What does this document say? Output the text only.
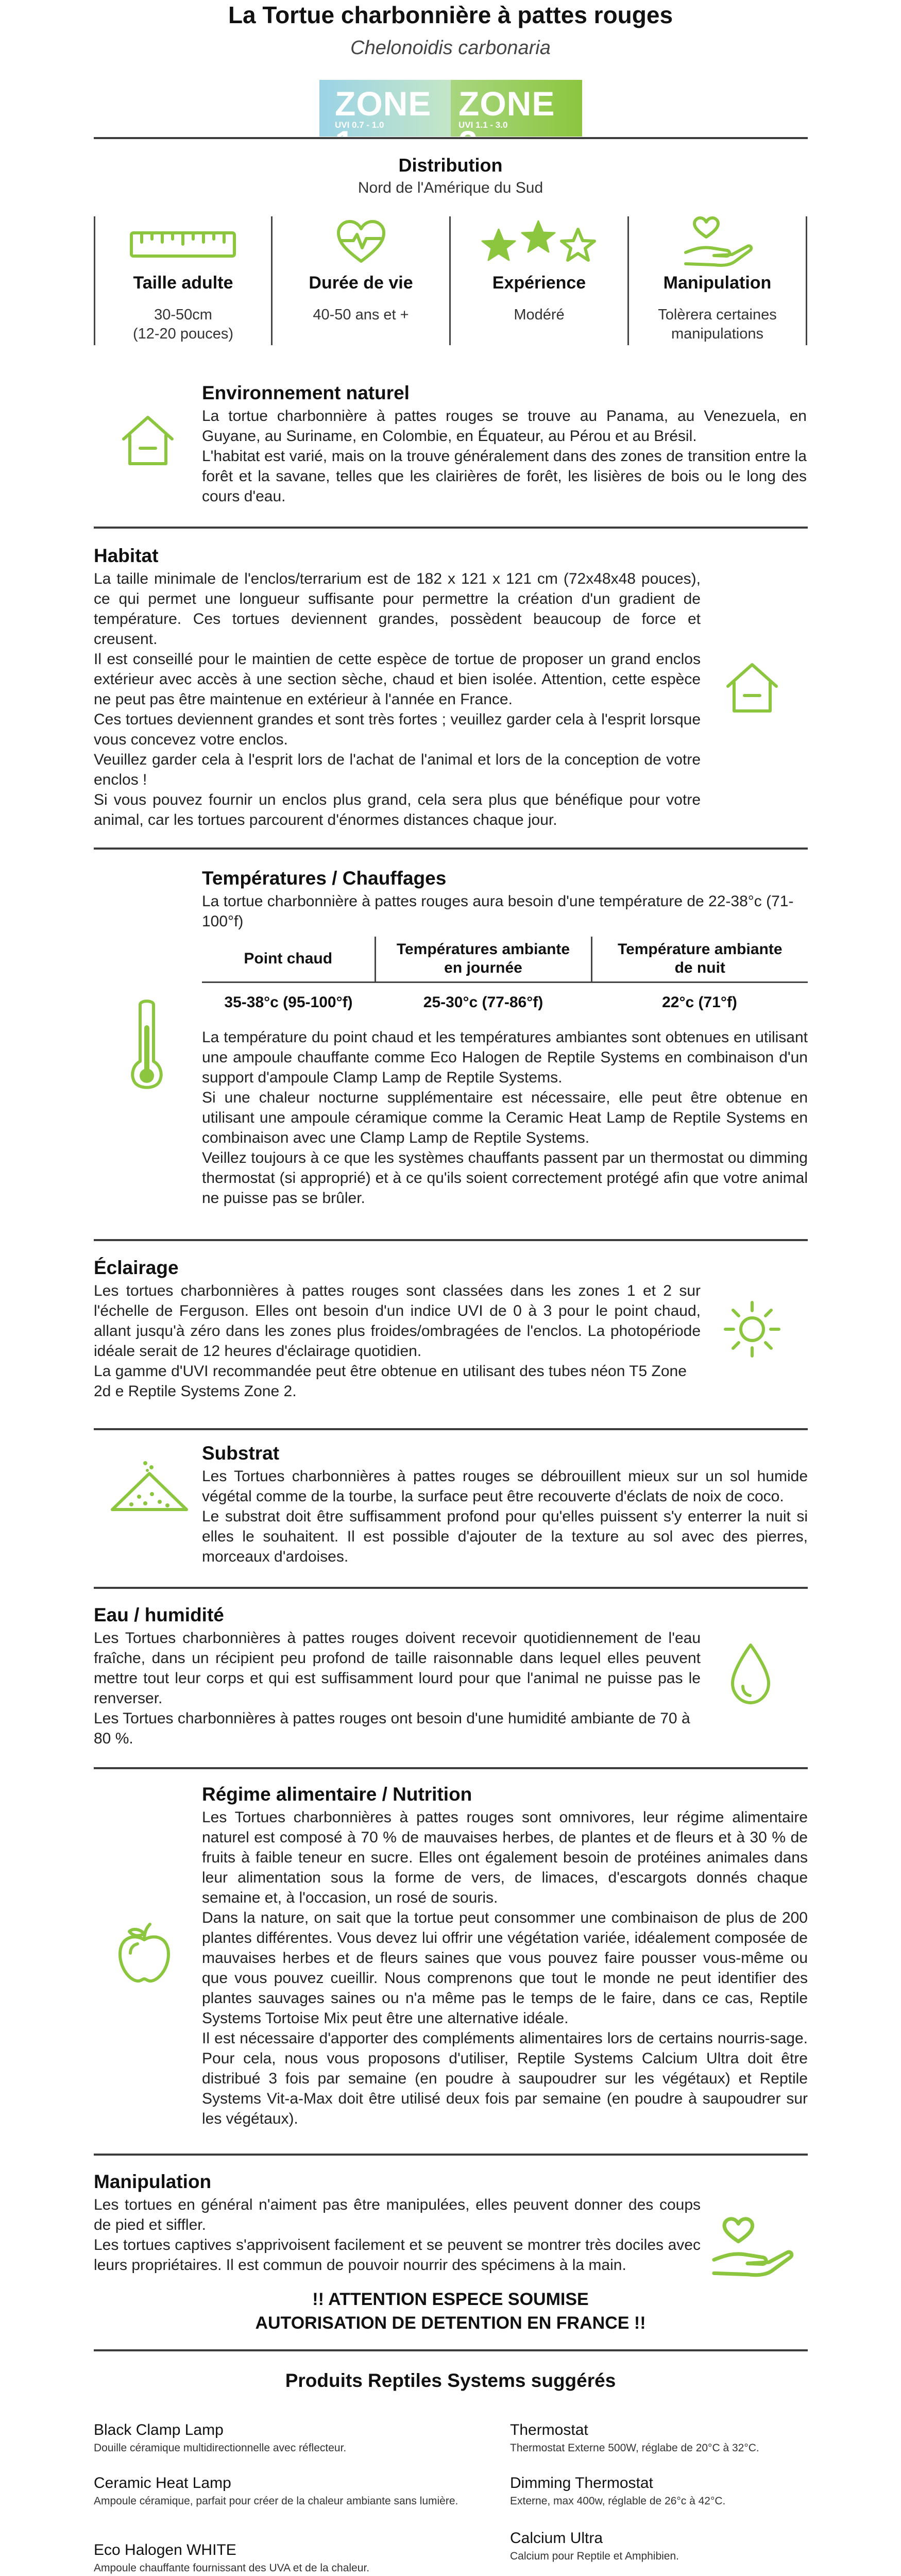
La Tortue charbonnière à pattes rouges
Chelonoidis carbonaria
ZONE 1
UVI 0.7 - 1.0
ZONE 2
UVI 1.1 - 3.0
Distribution
Nord de l'Amérique du Sud
Taille adulte
30-50cm
(12-20 pouces)
Durée de vie
40-50 ans et +
Expérience
Modéré
Manipulation
Tolèrera certaines
manipulations
Environnement naturel
La tortue charbonnière à pattes rouges se trouve au Panama, au Venezuela, en Guyane, au Suriname, en Colombie, en Équateur, au Pérou et au Brésil.
L'habitat est varié, mais on la trouve généralement dans des zones de transition entre la forêt et la savane, telles que les clairières de forêt, les lisières de bois ou le long des cours d'eau.
Habitat
La taille minimale de l'enclos/terrarium est de 182 x 121 x 121 cm (72x48x48 pouces), ce qui permet une longueur suffisante pour permettre la création d'un gradient de température. Ces tortues deviennent grandes, possèdent beaucoup de force et creusent.
Il est conseillé pour le maintien de cette espèce de tortue de proposer un grand enclos extérieur avec accès à une section sèche, chaud et bien isolée. Attention, cette espèce ne peut pas être maintenue en extérieur à l'année en France.
Ces tortues deviennent grandes et sont très fortes ; veuillez garder cela à l'esprit lorsque vous concevez votre enclos.
Veuillez garder cela à l'esprit lors de l'achat de l'animal et lors de la conception de votre enclos !
Si vous pouvez fournir un enclos plus grand, cela sera plus que bénéfique pour votre animal, car les tortues parcourent d'énormes distances chaque jour.
Températures / Chauffages
La tortue charbonnière à pattes rouges aura besoin d'une température de 22-38°c (71-100°f)
Point chaud	Températures ambiante en journée	Température ambiante de nuit
35-38°c (95-100°f)	25-30°c (77-86°f)	22°c (71°f)
La température du point chaud et les températures ambiantes sont obtenues en utilisant une ampoule chauffante comme Eco Halogen de Reptile Systems en combinaison d'un support d'ampoule Clamp Lamp de Reptile Systems.
Si une chaleur nocturne supplémentaire est nécessaire, elle peut être obtenue en utilisant une ampoule céramique comme la Ceramic Heat Lamp de Reptile Systems en combinaison avec une Clamp Lamp de Reptile Systems.
Veillez toujours à ce que les systèmes chauffants passent par un thermostat ou dimming thermostat (si approprié) et à ce qu'ils soient correctement protégé afin que votre animal ne puisse pas se brûler.
Éclairage
Les tortues charbonnières à pattes rouges sont classées dans les zones 1 et 2 sur l'échelle de Ferguson. Elles ont besoin d'un indice UVI de 0 à 3 pour le point chaud, allant jusqu'à zéro dans les zones plus froides/ombragées de l'enclos. La photopériode idéale serait de 12 heures d'éclairage quotidien.
La gamme d'UVI recommandée peut être obtenue en utilisant des tubes néon T5 Zone 2d e Reptile Systems Zone 2.
Substrat
Les Tortues charbonnières à pattes rouges se débrouillent mieux sur un sol humide végétal comme de la tourbe, la surface peut être recouverte d'éclats de noix de coco.
Le substrat doit être suffisamment profond pour qu'elles puissent s'y enterrer la nuit si elles le souhaitent. Il est possible d'ajouter de la texture au sol avec des pierres, morceaux d'ardoises.
Eau / humidité
Les Tortues charbonnières à pattes rouges doivent recevoir quotidiennement de l'eau fraîche, dans un récipient peu profond de taille raisonnable dans lequel elles peuvent mettre tout leur corps et qui est suffisamment lourd pour que l'animal ne puisse pas le renverser.
Les Tortues charbonnières à pattes rouges ont besoin d'une humidité ambiante de 70 à 80 %.
Régime alimentaire / Nutrition
Les Tortues charbonnières à pattes rouges sont omnivores, leur régime alimentaire naturel est composé à 70 % de mauvaises herbes, de plantes et de fleurs et à 30 % de fruits à faible teneur en sucre. Elles ont également besoin de protéines animales dans leur alimentation sous la forme de vers, de limaces, d'escargots donnés chaque semaine et, à l'occasion, un rosé de souris.
Dans la nature, on sait que la tortue peut consommer une combinaison de plus de 200 plantes différentes. Vous devez lui offrir une végétation variée, idéalement composée de mauvaises herbes et de fleurs saines que vous pouvez faire pousser vous-même ou que vous pouvez cueillir. Nous comprenons que tout le monde ne peut identifier des plantes sauvages saines ou n'a même pas le temps de le faire, dans ce cas, Reptile Systems Tortoise Mix peut être une alternative idéale.
Il est nécessaire d'apporter des compléments alimentaires lors de certains nourris-sage. Pour cela, nous vous proposons d'utiliser, Reptile Systems Calcium Ultra doit être distribué 3 fois par semaine (en poudre à saupoudrer sur les végétaux) et Reptile Systems Vit-a-Max doit être utilisé deux fois par semaine (en poudre à saupoudrer sur les végétaux).
Manipulation
Les tortues en général n'aiment pas être manipulées, elles peuvent donner des coups de pied et siffler.
Les tortues captives s'apprivoisent facilement et se peuvent se montrer très dociles avec leurs propriétaires. Il est commun de pouvoir nourrir des spécimens à la main.
!! ATTENTION ESPECE SOUMISE
AUTORISATION DE DETENTION EN FRANCE !!
Produits Reptiles Systems suggérés
Black Clamp Lamp
Douille céramique multidirectionnelle avec réflecteur.
Ceramic Heat Lamp
Ampoule céramique, parfait pour créer de la chaleur ambiante sans lumière.
Eco Halogen WHITE
Ampoule chauffante fournissant des UVA et de la chaleur.
Thermostat
Thermostat Externe 500W, réglabe de 20°C à 32°C.
Dimming Thermostat
Externe, max 400w, réglable de 26°c à 42°C.
Calcium Ultra
Calcium pour Reptile et Amphibien.
